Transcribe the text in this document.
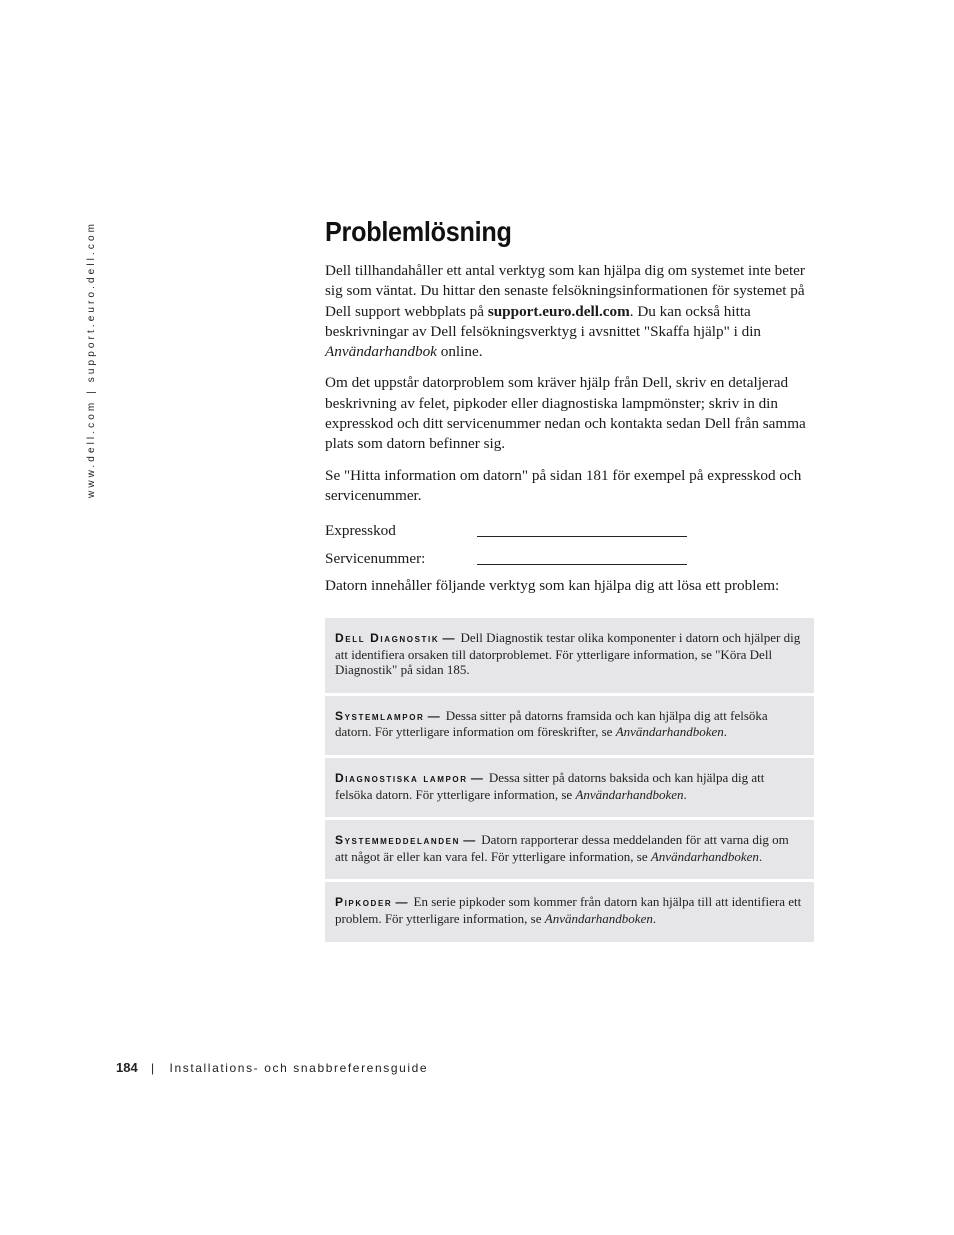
www.dell.com | support.euro.dell.com	Problemlösning

Dell tillhandahåller ett antal verktyg som kan hjälpa dig om systemet inte beter sig som väntat. Du hittar den senaste felsökningsinformationen för systemet på Dell support webbplats på support.euro.dell.com. Du kan också hitta beskrivningar av Dell felsökningsverktyg i avsnittet "Skaffa hjälp" i din Användarhandbok online.

Om det uppstår datorproblem som kräver hjälp från Dell, skriv en detaljerad beskrivning av felet, pipkoder eller diagnostiska lampmönster; skriv in din expresskod och ditt servicenummer nedan och kontakta sedan Dell från samma plats som datorn befinner sig.

Se "Hitta information om datorn" på sidan 181 för exempel på expresskod och servicenummer.

Expresskod
Servicenummer:

Datorn innehåller följande verktyg som kan hjälpa dig att lösa ett problem:

Dell Diagnostik — Dell Diagnostik testar olika komponenter i datorn och hjälper dig att identifiera orsaken till datorproblemet. För ytterligare information, se "Köra Dell Diagnostik" på sidan 185.
Systemlampor — Dessa sitter på datorns framsida och kan hjälpa dig att felsöka datorn. För ytterligare information om föreskrifter, se Användarhandboken.
Diagnostiska lampor — Dessa sitter på datorns baksida och kan hjälpa dig att felsöka datorn. För ytterligare information, se Användarhandboken.
Systemmeddelanden — Datorn rapporterar dessa meddelanden för att varna dig om att något är eller kan vara fel. För ytterligare information, se Användarhandboken.
Pipkoder — En serie pipkoder som kommer från datorn kan hjälpa till att identifiera ett problem. För ytterligare information, se Användarhandboken.
184 | Installations- och snabbreferensguide
